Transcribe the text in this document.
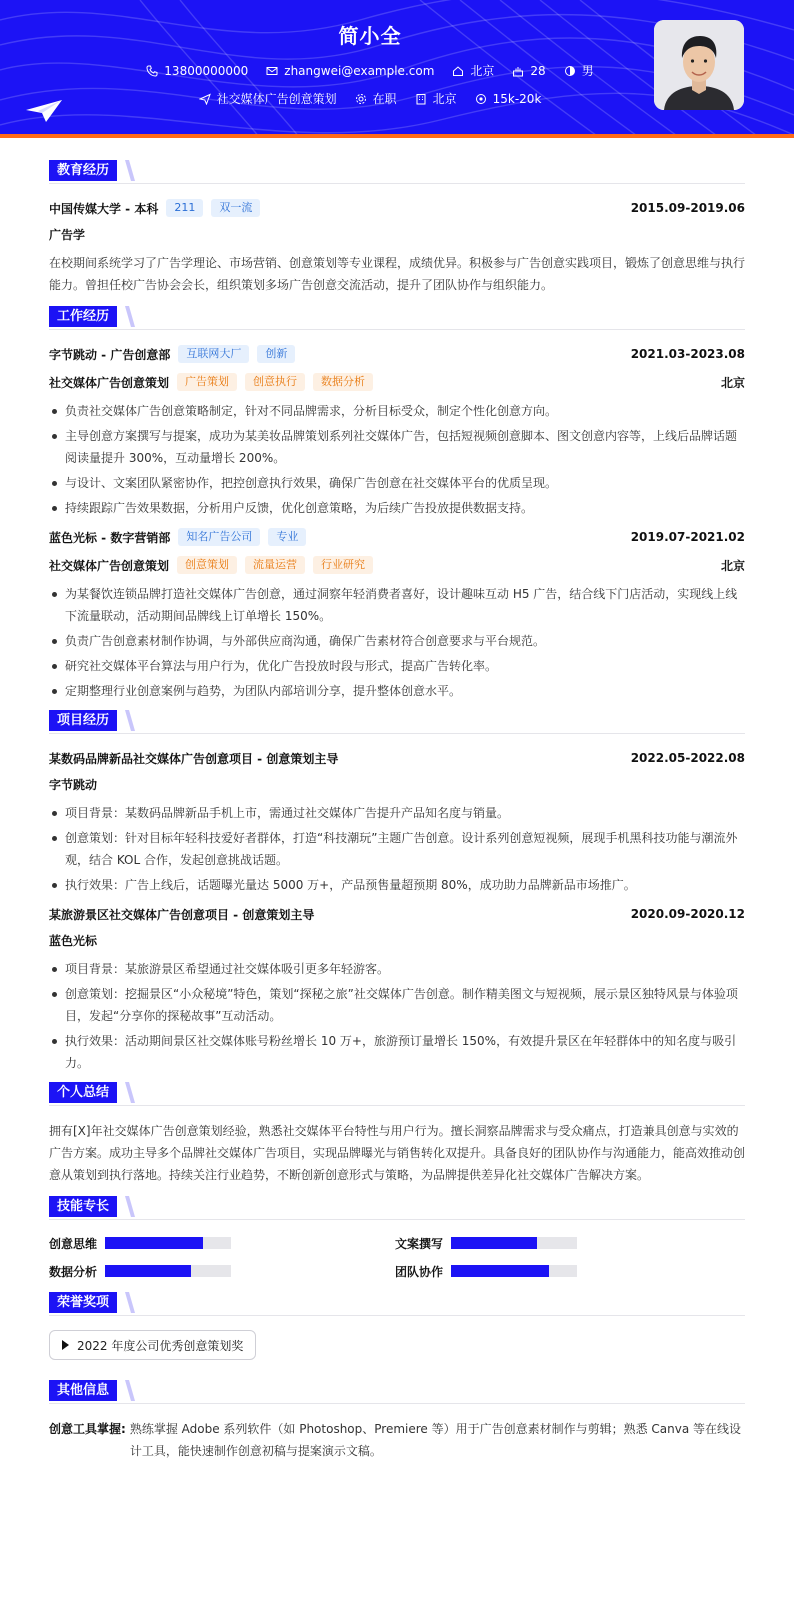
简小全
13800000000	zhangwei@example.com	北京	28	男
社交媒体广告创意策划	在职	北京	15k-20k
教育经历
中国传媒大学 - 本科	211	双一流	2015.09-2019.06
广告学
在校期间系统学习了广告学理论、市场营销、创意策划等专业课程，成绩优异。积极参与广告创意实践项目，锻炼了创意思维与执行能力。曾担任校广告协会会长，组织策划多场广告创意交流活动，提升了团队协作与组织能力。
工作经历
字节跳动 - 广告创意部	互联网大厂	创新	2021.03-2023.08
社交媒体广告创意策划	广告策划	创意执行	数据分析	北京
负责社交媒体广告创意策略制定，针对不同品牌需求，分析目标受众，制定个性化创意方向。
主导创意方案撰写与提案，成功为某美妆品牌策划系列社交媒体广告，包括短视频创意脚本、图文创意内容等，上线后品牌话题阅读量提升 300%，互动量增长 200%。
与设计、文案团队紧密协作，把控创意执行效果，确保广告创意在社交媒体平台的优质呈现。
持续跟踪广告效果数据，分析用户反馈，优化创意策略，为后续广告投放提供数据支持。
蓝色光标 - 数字营销部	知名广告公司	专业	2019.07-2021.02
社交媒体广告创意策划	创意策划	流量运营	行业研究	北京
为某餐饮连锁品牌打造社交媒体广告创意，通过洞察年轻消费者喜好，设计趣味互动 H5 广告，结合线下门店活动，实现线上线下流量联动，活动期间品牌线上订单增长 150%。
负责广告创意素材制作协调，与外部供应商沟通，确保广告素材符合创意要求与平台规范。
研究社交媒体平台算法与用户行为，优化广告投放时段与形式，提高广告转化率。
定期整理行业创意案例与趋势，为团队内部培训分享，提升整体创意水平。
项目经历
某数码品牌新品社交媒体广告创意项目 - 创意策划主导	2022.05-2022.08
字节跳动
项目背景：某数码品牌新品手机上市，需通过社交媒体广告提升产品知名度与销量。
创意策划：针对目标年轻科技爱好者群体，打造“科技潮玩”主题广告创意。设计系列创意短视频，展现手机黑科技功能与潮流外观，结合 KOL 合作，发起创意挑战话题。
执行效果：广告上线后，话题曝光量达 5000 万+，产品预售量超预期 80%，成功助力品牌新品市场推广。
某旅游景区社交媒体广告创意项目 - 创意策划主导	2020.09-2020.12
蓝色光标
项目背景：某旅游景区希望通过社交媒体吸引更多年轻游客。
创意策划：挖掘景区“小众秘境”特色，策划“探秘之旅”社交媒体广告创意。制作精美图文与短视频，展示景区独特风景与体验项目，发起“分享你的探秘故事”互动活动。
执行效果：活动期间景区社交媒体账号粉丝增长 10 万+，旅游预订量增长 150%，有效提升景区在年轻群体中的知名度与吸引力。
个人总结
拥有[X]年社交媒体广告创意策划经验，熟悉社交媒体平台特性与用户行为。擅长洞察品牌需求与受众痛点，打造兼具创意与实效的广告方案。成功主导多个品牌社交媒体广告项目，实现品牌曝光与销售转化双提升。具备良好的团队协作与沟通能力，能高效推动创意从策划到执行落地。持续关注行业趋势，不断创新创意形式与策略，为品牌提供差异化社交媒体广告解决方案。
技能专长
创意思维	文案撰写
数据分析	团队协作
荣誉奖项
2022 年度公司优秀创意策划奖
其他信息
创意工具掌握: 熟练掌握 Adobe 系列软件（如 Photoshop、Premiere 等）用于广告创意素材制作与剪辑；熟悉 Canva 等在线设计工具，能快速制作创意初稿与提案演示文稿。
